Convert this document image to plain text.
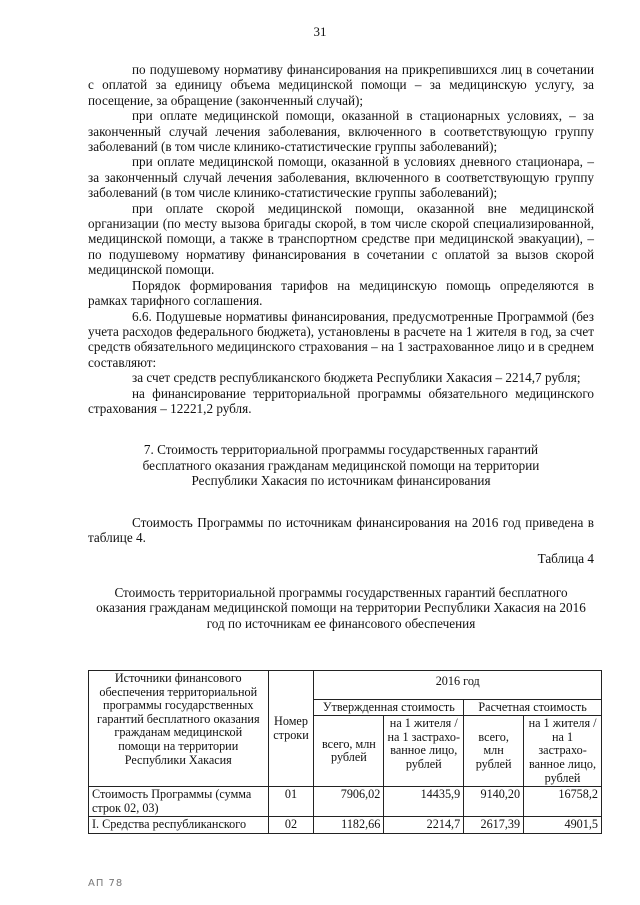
31

по подушевому нормативу финансирования на прикрепившихся лиц в сочетании с оплатой за единицу объема медицинской помощи – за медицинскую услугу, за посещение, за обращение (законченный случай);

при оплате медицинской помощи, оказанной в стационарных условиях, – за законченный случай лечения заболевания, включенного в соответствующую группу заболеваний (в том числе клинико-статистические группы заболеваний);

при оплате медицинской помощи, оказанной в условиях дневного стационара, – за законченный случай лечения заболевания, включенного в соответствующую группу заболеваний (в том числе клинико-статистические группы заболеваний);

при оплате скорой медицинской помощи, оказанной вне медицинской организации (по месту вызова бригады скорой, в том числе скорой специализированной, медицинской помощи, а также в транспортном средстве при медицинской эвакуации), – по подушевому нормативу финансирования в сочетании с оплатой за вызов скорой медицинской помощи.

Порядок формирования тарифов на медицинскую помощь определяются в рамках тарифного соглашения.

6.6. Подушевые нормативы финансирования, предусмотренные Программой (без учета расходов федерального бюджета), установлены в расчете на 1 жителя в год, за счет средств обязательного медицинского страхования – на 1 застрахованное лицо и в среднем составляют:

за счет средств республиканского бюджета Республики Хакасия – 2214,7 рубля;

на финансирование территориальной программы обязательного медицинского страхования – 12221,2 рубля.

7. Стоимость территориальной программы государственных гарантий бесплатного оказания гражданам медицинской помощи на территории Республики Хакасия по источникам финансирования

Стоимость Программы по источникам финансирования на 2016 год приведена в таблице 4.

Таблица 4

Стоимость территориальной программы государственных гарантий бесплатного оказания гражданам медицинской помощи на территории Республики Хакасия на 2016 год по источникам ее финансового обеспечения

Источники финансового обеспечения территориальной программы государственных гарантий бесплатного оказания гражданам медицинской помощи на территории Республики Хакасия	Номер строки	2016 год			
		Утвержденная стоимость		Расчетная стоимость	
		всего, млн рублей	на 1 жителя / на 1 застрахованное лицо, рублей	всего, млн рублей	на 1 жителя / на 1 застрахованное лицо, рублей
Стоимость Программы (сумма строк 02, 03)	01	7906,02	14435,9	9140,20	16758,2
I. Средства республиканского	02	1182,66	2214,7	2617,39	4901,5
АП 78
